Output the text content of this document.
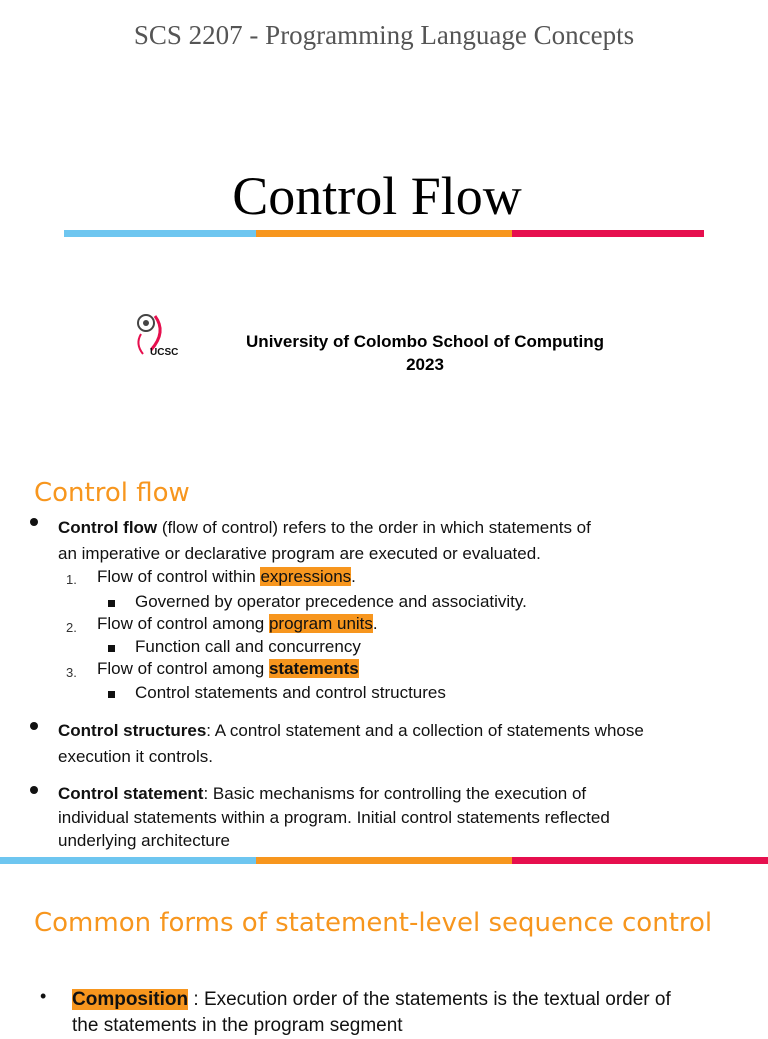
SCS 2207 - Programming Language Concepts
Control Flow
UCSC
University of Colombo School of Computing
2023
Control flow
Control flow (flow of control) refers to the order in which statements of
an imperative or declarative program are executed or evaluated.
1. Flow of control within expressions.
Governed by operator precedence and associativity.
2. Flow of control among program units.
Function call and concurrency
3. Flow of control among statements
Control statements and control structures
Control structures: A control statement and a collection of statements whose
execution it controls.
Control statement: Basic mechanisms for controlling the execution of
individual statements within a program. Initial control statements reflected
underlying architecture
Common forms of statement-level sequence control
• Composition : Execution order of the statements is the textual order of
the statements in the program segment
